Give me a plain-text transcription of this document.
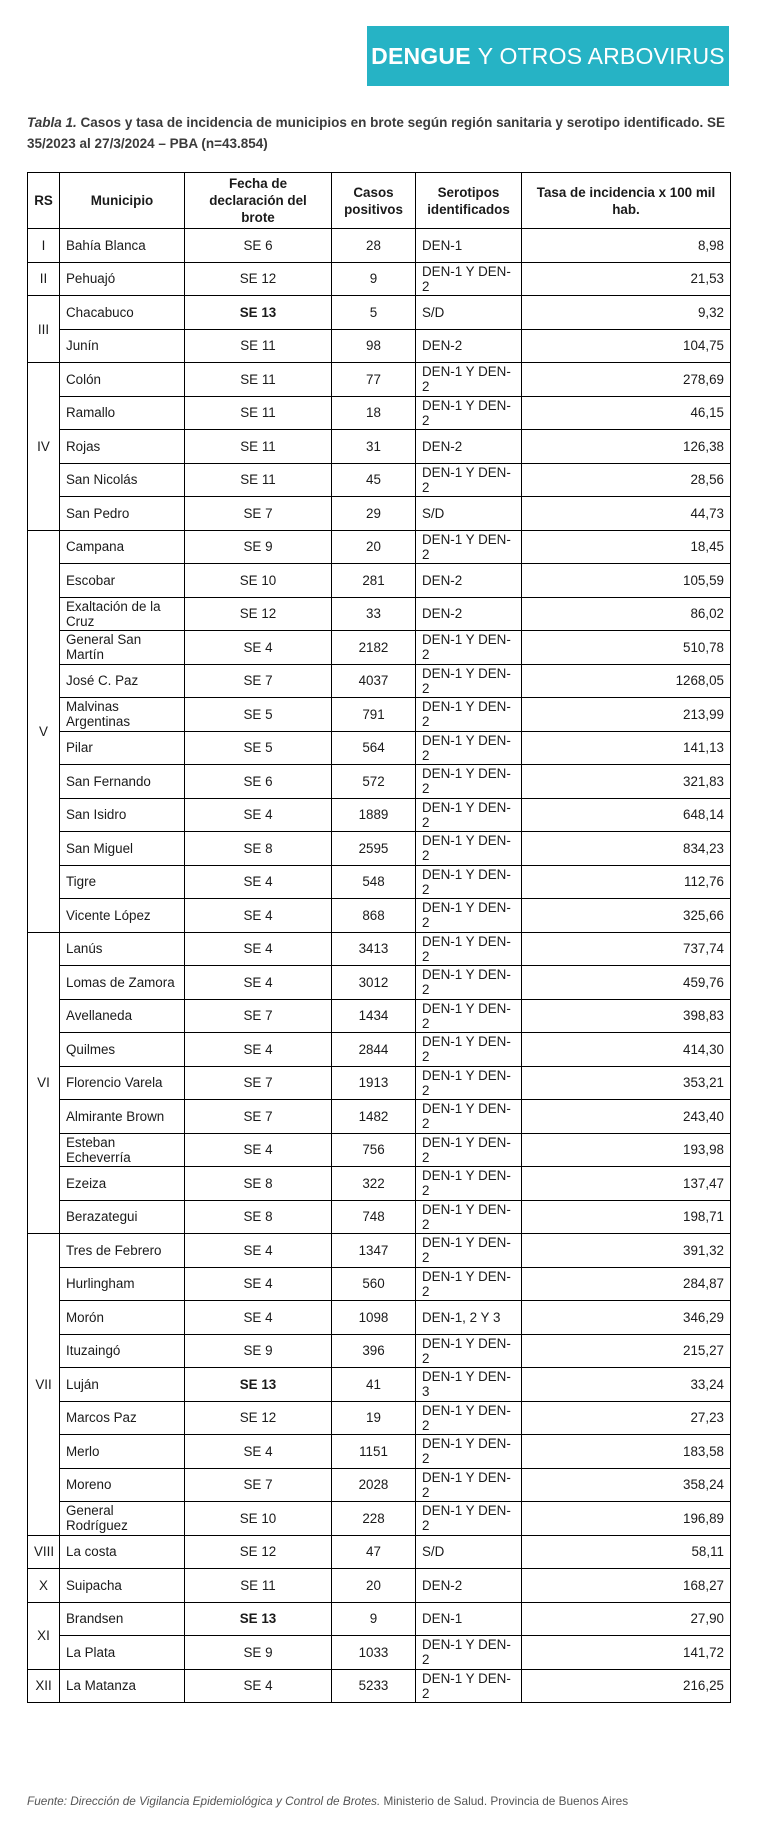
DENGUE Y OTROS ARBOVIRUS
Tabla 1. Casos y tasa de incidencia de municipios en brote según región sanitaria y serotipo identificado. SE 35/2023 al 27/3/2024 – PBA (n=43.854)
RS	Municipio	Fecha de declaración del brote	Casos positivos	Serotipos identificados	Tasa de incidencia x 100 mil hab.
I	Bahía Blanca	SE 6	28	DEN-1	8,98
II	Pehuajó	SE 12	9	DEN-1 Y DEN-2	21,53
III	Chacabuco	SE 13	5	S/D	9,32
	Junín	SE 11	98	DEN-2	104,75
IV	Colón	SE 11	77	DEN-1 Y DEN-2	278,69
	Ramallo	SE 11	18	DEN-1 Y DEN-2	46,15
	Rojas	SE 11	31	DEN-2	126,38
	San Nicolás	SE 11	45	DEN-1 Y DEN-2	28,56
	San Pedro	SE 7	29	S/D	44,73
V	Campana	SE 9	20	DEN-1 Y DEN-2	18,45
	Escobar	SE 10	281	DEN-2	105,59
	Exaltación de la Cruz	SE 12	33	DEN-2	86,02
	General San Martín	SE 4	2182	DEN-1 Y DEN-2	510,78
	José C. Paz	SE 7	4037	DEN-1 Y DEN-2	1268,05
	Malvinas Argentinas	SE 5	791	DEN-1 Y DEN-2	213,99
	Pilar	SE 5	564	DEN-1 Y DEN-2	141,13
	San Fernando	SE 6	572	DEN-1 Y DEN-2	321,83
	San Isidro	SE 4	1889	DEN-1 Y DEN-2	648,14
	San Miguel	SE 8	2595	DEN-1 Y DEN-2	834,23
	Tigre	SE 4	548	DEN-1 Y DEN-2	112,76
	Vicente López	SE 4	868	DEN-1 Y DEN-2	325,66
VI	Lanús	SE 4	3413	DEN-1 Y DEN-2	737,74
	Lomas de Zamora	SE 4	3012	DEN-1 Y DEN-2	459,76
	Avellaneda	SE 7	1434	DEN-1 Y DEN-2	398,83
	Quilmes	SE 4	2844	DEN-1 Y DEN-2	414,30
	Florencio Varela	SE 7	1913	DEN-1 Y DEN-2	353,21
	Almirante Brown	SE 7	1482	DEN-1 Y DEN-2	243,40
	Esteban Echeverría	SE 4	756	DEN-1 Y DEN-2	193,98
	Ezeiza	SE 8	322	DEN-1 Y DEN-2	137,47
	Berazategui	SE 8	748	DEN-1 Y DEN-2	198,71
VII	Tres de Febrero	SE 4	1347	DEN-1 Y DEN-2	391,32
	Hurlingham	SE 4	560	DEN-1 Y DEN-2	284,87
	Morón	SE 4	1098	DEN-1, 2 Y 3	346,29
	Ituzaingó	SE 9	396	DEN-1 Y DEN-2	215,27
	Luján	SE 13	41	DEN-1 Y DEN-3	33,24
	Marcos Paz	SE 12	19	DEN-1 Y DEN-2	27,23
	Merlo	SE 4	1151	DEN-1 Y DEN-2	183,58
	Moreno	SE 7	2028	DEN-1 Y DEN-2	358,24
	General Rodríguez	SE 10	228	DEN-1 Y DEN-2	196,89
VIII	La costa	SE 12	47	S/D	58,11
X	Suipacha	SE 11	20	DEN-2	168,27
XI	Brandsen	SE 13	9	DEN-1	27,90
	La Plata	SE 9	1033	DEN-1 Y DEN-2	141,72
XII	La Matanza	SE 4	5233	DEN-1 Y DEN-2	216,25
Fuente: Dirección de Vigilancia Epidemiológica y Control de Brotes. Ministerio de Salud. Provincia de Buenos Aires
